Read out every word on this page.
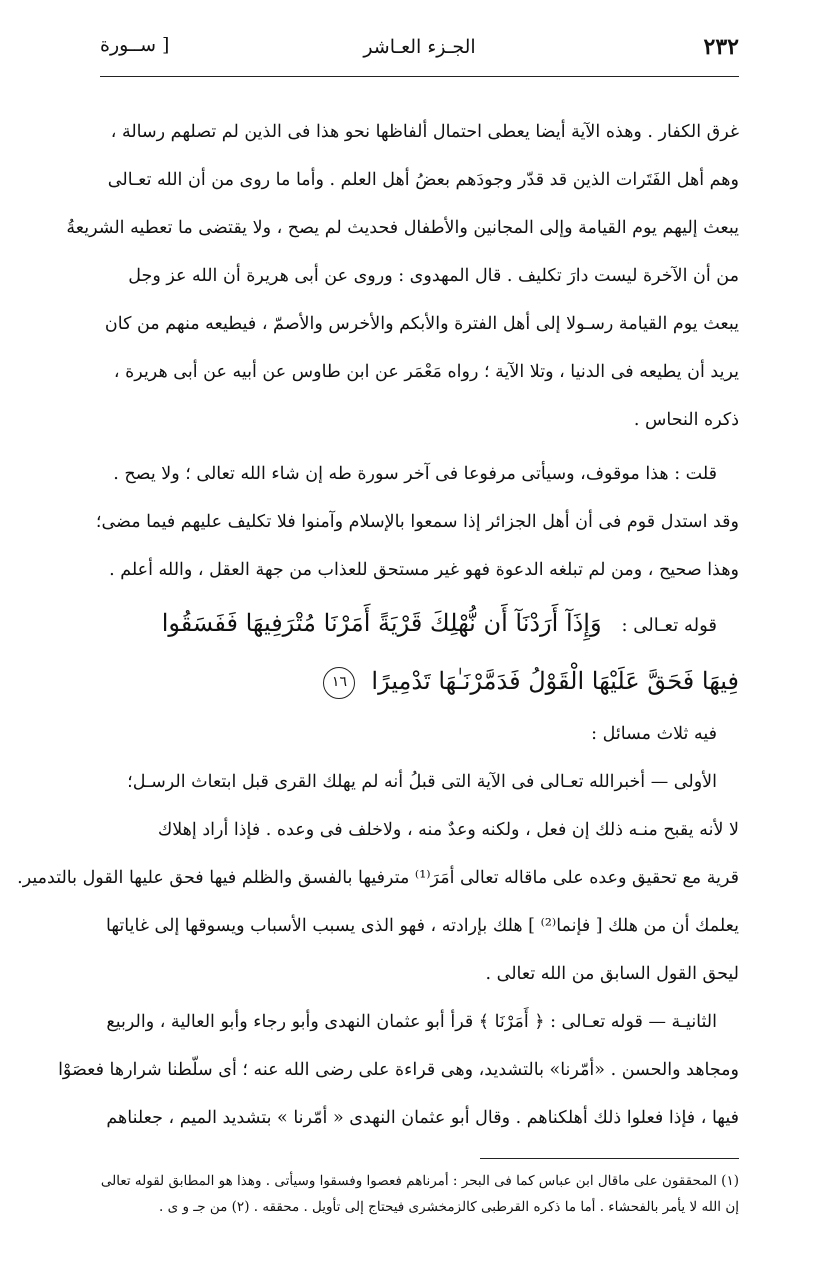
٢٣٢
الجـزء العـاشر
[ ســورة
غرق الكفار . وهذه الآية أيضا يعطى احتمال ألفاظها نحو هذا فى الذين لم تصلهم رسالة ،
وهم أهل الفَتَرات الذين قد قدّر وجودَهم بعضُ أهل العلم . وأما ما روى من أن الله تعـالى
يبعث إليهم يوم القيامة وإلى المجانين والأطفال فحديث لم يصح ، ولا يقتضى ما تعطيه الشريعةُ
من أن الآخرة ليست دارَ تكليف . قال المهدوى : وروى عن أبى هريرة أن الله عز وجل
يبعث يوم القيامة رسـولا إلى أهل الفترة والأبكم والأخرس والأصمّ ، فيطيعه منهم من كان
يريد أن يطيعه فى الدنيا ، وتلا الآية ؛ رواه مَعْمَر عن ابن طاوس عن أبيه عن أبى هريرة ،
ذكره النحاس .
قلت : هذا موقوف، وسيأتى مرفوعا فى آخر سورة طه إن شاء الله تعالى ؛ ولا يصح .
وقد استدل قوم فى أن أهل الجزائر إذا سمعوا بالإسلام وآمنوا فلا تكليف عليهم فيما مضى؛
وهذا صحيح ، ومن لم تبلغه الدعوة فهو غير مستحق للعذاب من جهة العقل ، والله أعلم .
قوله تعـالى : وَإِذَآ أَرَدْنَآ أَن نُّهْلِكَ قَرْيَةً أَمَرْنَا مُتْرَفِيهَا فَفَسَقُوا
فِيهَا فَحَقَّ عَلَيْهَا الْقَوْلُ فَدَمَّرْنَـٰهَا تَدْمِيرًا ١٦
فيه ثلاث مسائل :
الأولى — أخبرالله تعـالى فى الآية التى قبلُ أنه لم يهلك القرى قبل ابتعاث الرسـل؛
لا لأنه يقبح منـه ذلك إن فعل ، ولكنه وعدٌ منه ، ولاخلف فى وعده . فإذا أراد إهلاك
قرية مع تحقيق وعده على ماقاله تعالى أمَرَ⁽¹⁾ مترفيها بالفسق والظلم فيها فحق عليها القول بالتدمير.
يعلمك أن من هلك [ فإنما⁽²⁾ ] هلك بإرادته ، فهو الذى يسبب الأسباب ويسوقها إلى غاياتها
ليحق القول السابق من الله تعالى .
الثانيـة — قوله تعـالى : ﴿ أَمَرْنَا ﴾ قرأ أبو عثمان النهدى وأبو رجاء وأبو العالية ، والربيع
ومجاهد والحسن . «أمّرنا» بالتشديد، وهى قراءة على رضى الله عنه ؛ أى سلّطنا شرارها فعصَوْا
فيها ، فإذا فعلوا ذلك أهلكناهم . وقال أبو عثمان النهدى « أمّرنا » بتشديد الميم ، جعلناهم
(١) المحققون على ماقال ابن عباس كما فى البحر : أمرناهم فعصوا وفسقوا وسيأتى . وهذا هو المطابق لقوله تعالى
إن الله لا يأمر بالفحشاء . أما ما ذكره القرطبى كالزمخشرى فيحتاج إلى تأويل . محققه . (٢) من جـ و ى .
